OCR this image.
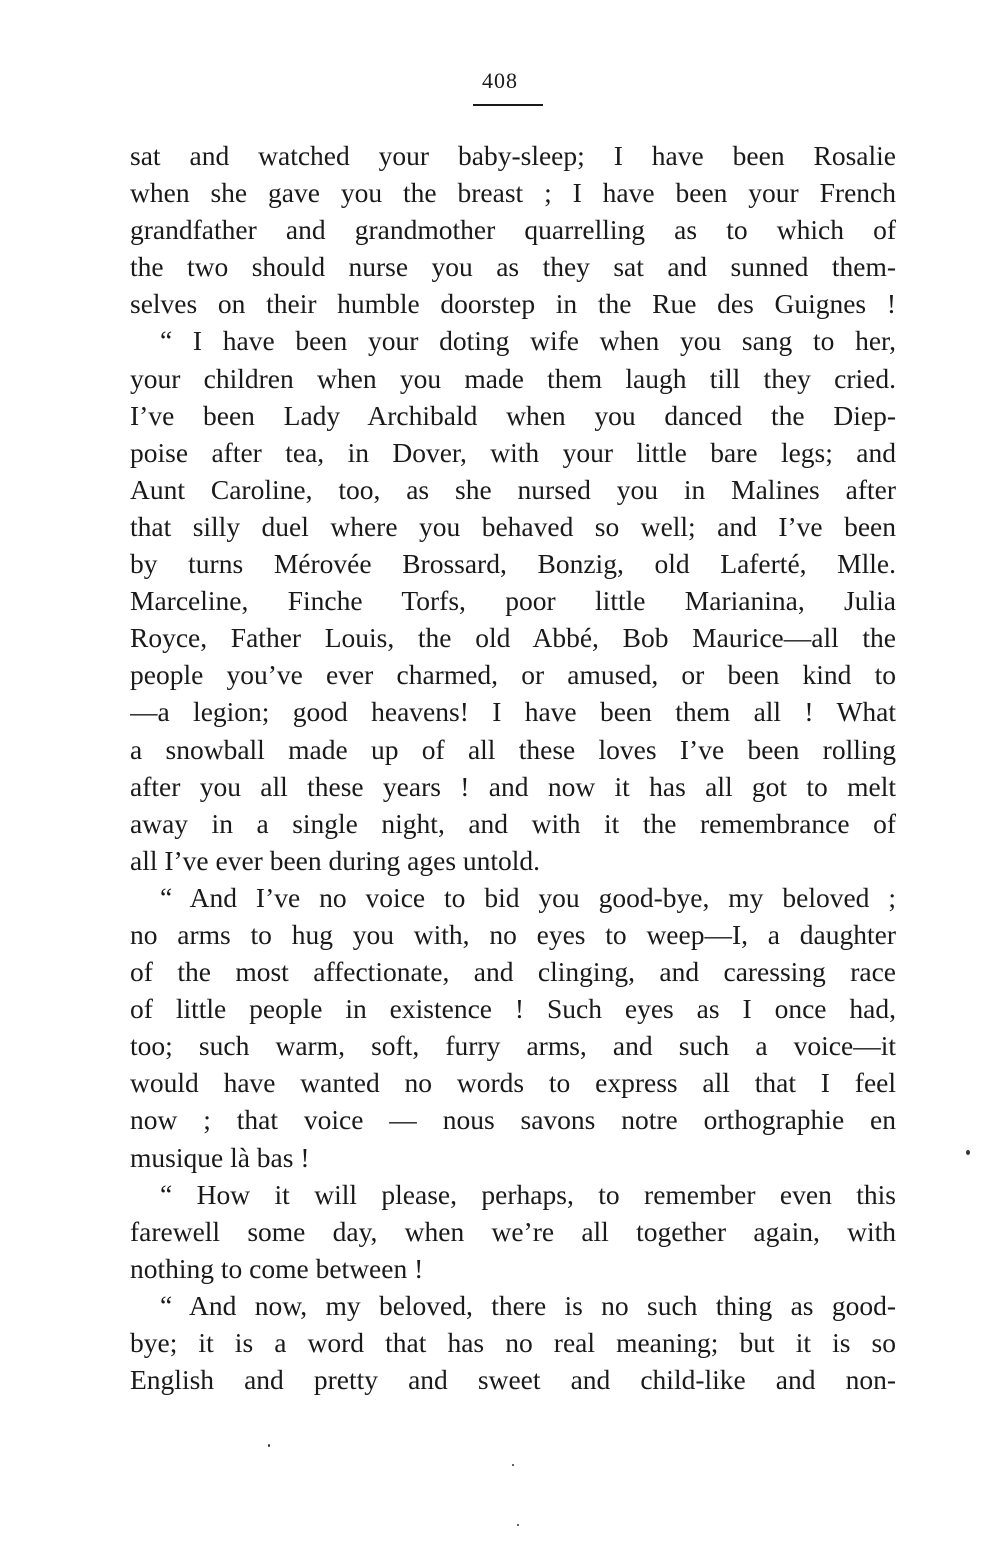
408
sat and watched your baby-sleep; I have been Rosalie
when she gave you the breast ; I have been your French
grandfather and grandmother quarrelling as to which of
the two should nurse you as they sat and sunned them-
selves on their humble doorstep in the Rue des Guignes !
“ I have been your doting wife when you sang to her,
your children when you made them laugh till they cried.
I’ve been Lady Archibald when you danced the Diep-
poise after tea, in Dover, with your little bare legs; and
Aunt Caroline, too, as she nursed you in Malines after
that silly duel where you behaved so well; and I’ve been
by turns Mérovée Brossard, Bonzig, old Laferté, Mlle.
Marceline, Finche Torfs, poor little Marianina, Julia
Royce, Father Louis, the old Abbé, Bob Maurice—all the
people you’ve ever charmed, or amused, or been kind to
—a legion; good heavens! I have been them all ! What
a snowball made up of all these loves I’ve been rolling
after you all these years ! and now it has all got to melt
away in a single night, and with it the remembrance of
all I’ve ever been during ages untold.
“ And I’ve no voice to bid you good-bye, my beloved ;
no arms to hug you with, no eyes to weep—I, a daughter
of the most affectionate, and clinging, and caressing race
of little people in existence ! Such eyes as I once had,
too; such warm, soft, furry arms, and such a voice—it
would have wanted no words to express all that I feel
now ; that voice — nous savons notre orthographie en
musique là bas !
“ How it will please, perhaps, to remember even this
farewell some day, when we’re all together again, with
nothing to come between !
“ And now, my beloved, there is no such thing as good-
bye; it is a word that has no real meaning; but it is so
English and pretty and sweet and child-like and non-
